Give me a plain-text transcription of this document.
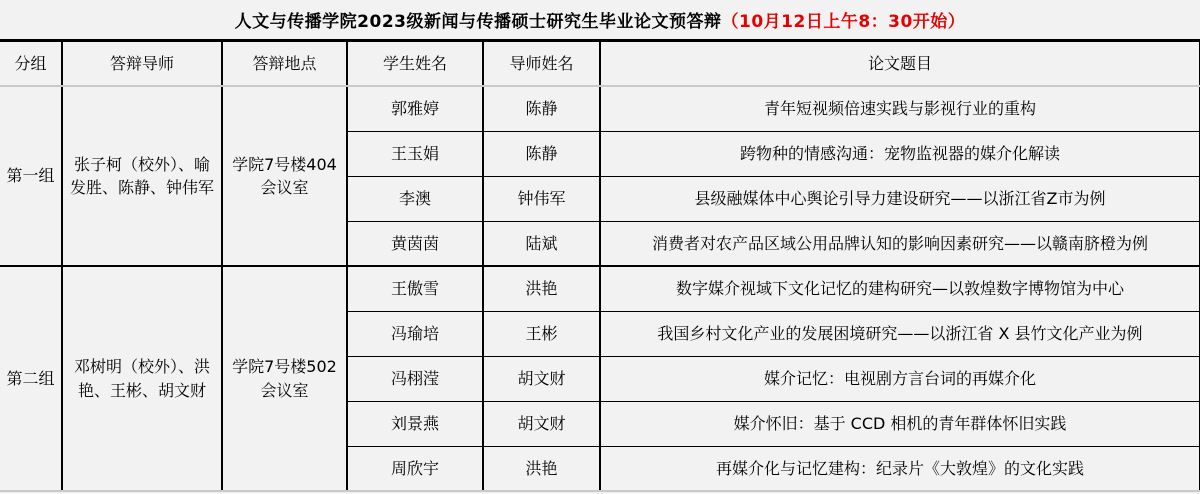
人文与传播学院2023级新闻与传播硕士研究生毕业论文预答辩 （10月12日上午8：30开始）
分组	答辩导师	答辩地点	学生姓名	导师姓名	论文题目
第一组	张子柯（校外）、喻发胜、陈静、钟伟军	学院7号楼404会议室	郭雅婷	陈静	青年短视频倍速实践与影视行业的重构
			王玉娟	陈静	跨物种的情感沟通：宠物监视器的媒介化解读
			李澳	钟伟军	县级融媒体中心舆论引导力建设研究——以浙江省Z市为例
			黄茵茵	陆斌	消费者对农产品区域公用品牌认知的影响因素研究——以赣南脐橙为例
第二组	邓树明（校外）、洪艳、王彬、胡文财	学院7号楼502会议室	王傲雪	洪艳	数字媒介视域下文化记忆的建构研究—以敦煌数字博物馆为中心
			冯瑜培	王彬	我国乡村文化产业的发展困境研究——以浙江省 X 县竹文化产业为例
			冯栩滢	胡文财	媒介记忆：电视剧方言台词的再媒介化
			刘景燕	胡文财	媒介怀旧：基于 CCD 相机的青年群体怀旧实践
			周欣宇	洪艳	再媒介化与记忆建构：纪录片《大敦煌》的文化实践
